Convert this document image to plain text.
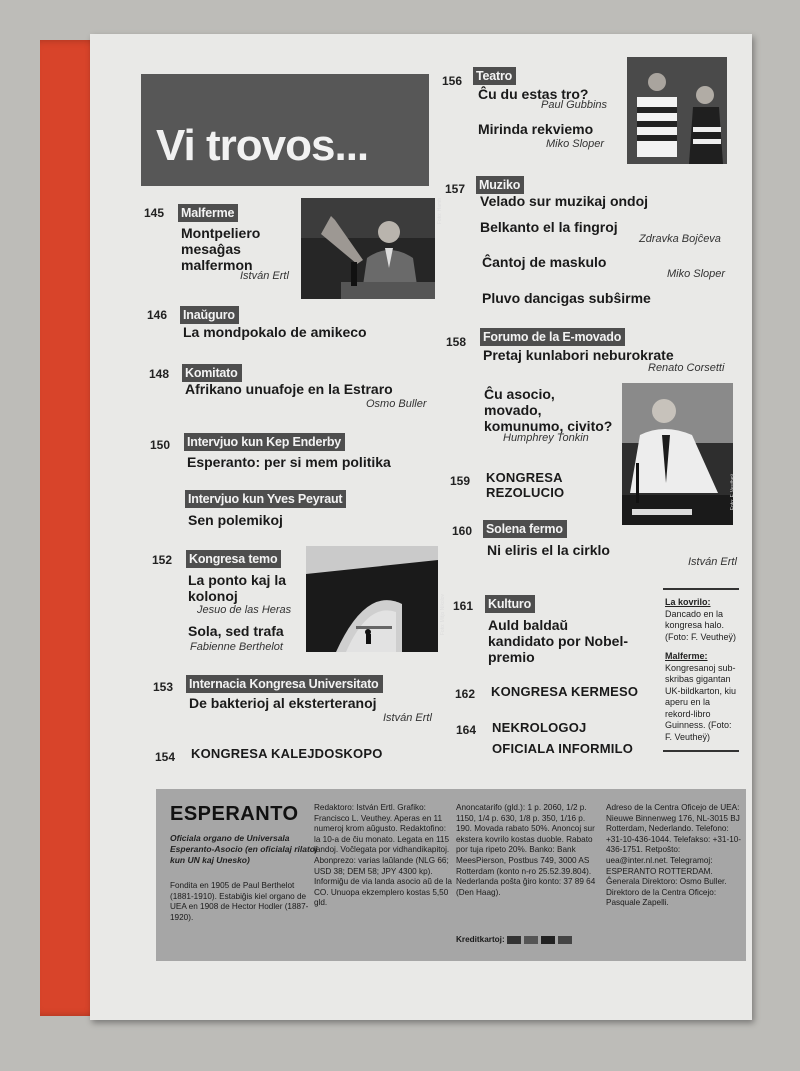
Vi trovos...
145 Malferme
Montpeliero mesaĝas malfermon
István Ertl
Foto: Hamb
146 Inaŭguro
La mondpokalo de amikeco
148 Komitato
Afrikano unuafoje en la Estraro
Osmo Buller
150 Intervjuo kun Kep Enderby
Esperanto: per si mem politika
Intervjuo kun Yves Peyraut
Sen polemikoj
152 Kongresa temo
La ponto kaj la kolonoj
Jesuo de las Heras
Sola, sed trafa
Fabienne Berthelot
Foto: Mitjo Nikolov
153 Internacia Kongresa Universitato
De bakterioj al eksterteranoj
István Ertl
154 KONGRESA KALEJDOSKOPO
156 Teatro
Ĉu du estas tro?
Paul Gubbins
Mirinda rekviemo
Miko Sloper
157 Muziko
Velado sur muzikaj ondoj
Belkanto el la fingroj
Zdravka Bojĉeva
Ĉantoj de maskulo
Miko Sloper
Pluvo dancigas subŝirme
158 Forumo de la E-movado
Pretaj kunlabori neburokrate
Renato Corsetti
Ĉu asocio, movado, komunumo, civito?
Humphrey Tonkin
Foto: F. Veutheÿ
159 KONGRESA REZOLUCIO
160 Solena fermo
Ni eliris el la cirklo
István Ertl
161 Kulturo
Auld baldaŭ kandidato por Nobel-premio
162 KONGRESA KERMESO
164 NEKROLOGOJ
OFICIALA INFORMILO
La kovrilo: Dancado en la kongresa halo. (Foto: F. Veutheÿ)
Malferme:
Kongresanoj sub-skribas gigantan UK-bildkarton, kiu aperu en la rekord-libro Guinness. (Foto: F. Veutheÿ)
ESPERANTO
Oficiala organo de Universala Esperanto-Asocio (en oficialaj rilatoj kun UN kaj Unesko)
Fondita en 1905 de Paul Berthelot (1881-1910). Estabiĝis kiel organo de UEA en 1908 de Hector Hodler (1887-1920).
Redaktoro: István Ertl. Grafiko: Francisco L. Veuthey. Aperas en 11 numeroj krom aŭgusto. Redaktofino: la 10-a de ĉiu monato. Legata en 115 landoj. Voĉlegata por vidhandikapitoj. Abonprezo: varias laŭlande (NLG 66; USD 38; DEM 58; JPY 4300 kp). Informiĝu de via landa asocio aŭ de la CO. Unuopa ekzemplero kostas 5,50 gld.
Anoncatarifo (gld.): 1 p. 2060, 1/2 p. 1150, 1/4 p. 630, 1/8 p. 350, 1/16 p. 190. Movada rabato 50%. Anoncoj sur ekstera kovrilo kostas duoble. Rabato por tuja ripeto 20%. Banko: Bank MeesPierson, Postbus 749, 3000 AS Rotterdam (konto n-ro 25.52.39.804). Nederlanda poŝta ĝiro konto: 37 89 64 (Den Haag).
Kreditkartoj:
Adreso de la Centra Oficejo de UEA: Nieuwe Binnenweg 176, NL-3015 BJ Rotterdam, Nederlando. Telefono: +31-10-436-1044. Telefakso: +31-10-436-1751. Retpoŝto: uea@inter.nl.net. Telegramoj: ESPERANTO ROTTERDAM. Ĝenerala Direktoro: Osmo Buller. Direktoro de la Centra Oficejo: Pasquale Zapelli.
